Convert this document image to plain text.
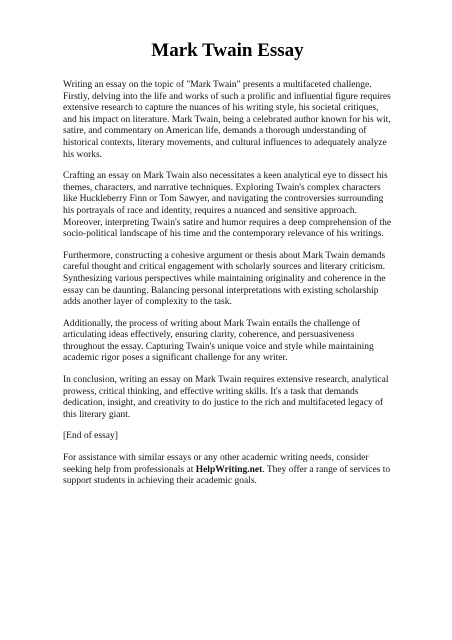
Mark Twain Essay

Writing an essay on the topic of "Mark Twain" presents a multifaceted challenge. Firstly, delving into the life and works of such a prolific and influential figure requires extensive research to capture the nuances of his writing style, his societal critiques, and his impact on literature. Mark Twain, being a celebrated author known for his wit, satire, and commentary on American life, demands a thorough understanding of historical contexts, literary movements, and cultural influences to adequately analyze his works.

Crafting an essay on Mark Twain also necessitates a keen analytical eye to dissect his themes, characters, and narrative techniques. Exploring Twain's complex characters like Huckleberry Finn or Tom Sawyer, and navigating the controversies surrounding his portrayals of race and identity, requires a nuanced and sensitive approach. Moreover, interpreting Twain's satire and humor requires a deep comprehension of the socio-political landscape of his time and the contemporary relevance of his writings.

Furthermore, constructing a cohesive argument or thesis about Mark Twain demands careful thought and critical engagement with scholarly sources and literary criticism. Synthesizing various perspectives while maintaining originality and coherence in the essay can be daunting. Balancing personal interpretations with existing scholarship adds another layer of complexity to the task.

Additionally, the process of writing about Mark Twain entails the challenge of articulating ideas effectively, ensuring clarity, coherence, and persuasiveness throughout the essay. Capturing Twain's unique voice and style while maintaining academic rigor poses a significant challenge for any writer.

In conclusion, writing an essay on Mark Twain requires extensive research, analytical prowess, critical thinking, and effective writing skills. It's a task that demands dedication, insight, and creativity to do justice to the rich and multifaceted legacy of this literary giant.

[End of essay]

For assistance with similar essays or any other academic writing needs, consider seeking help from professionals at HelpWriting.net. They offer a range of services to support students in achieving their academic goals.
